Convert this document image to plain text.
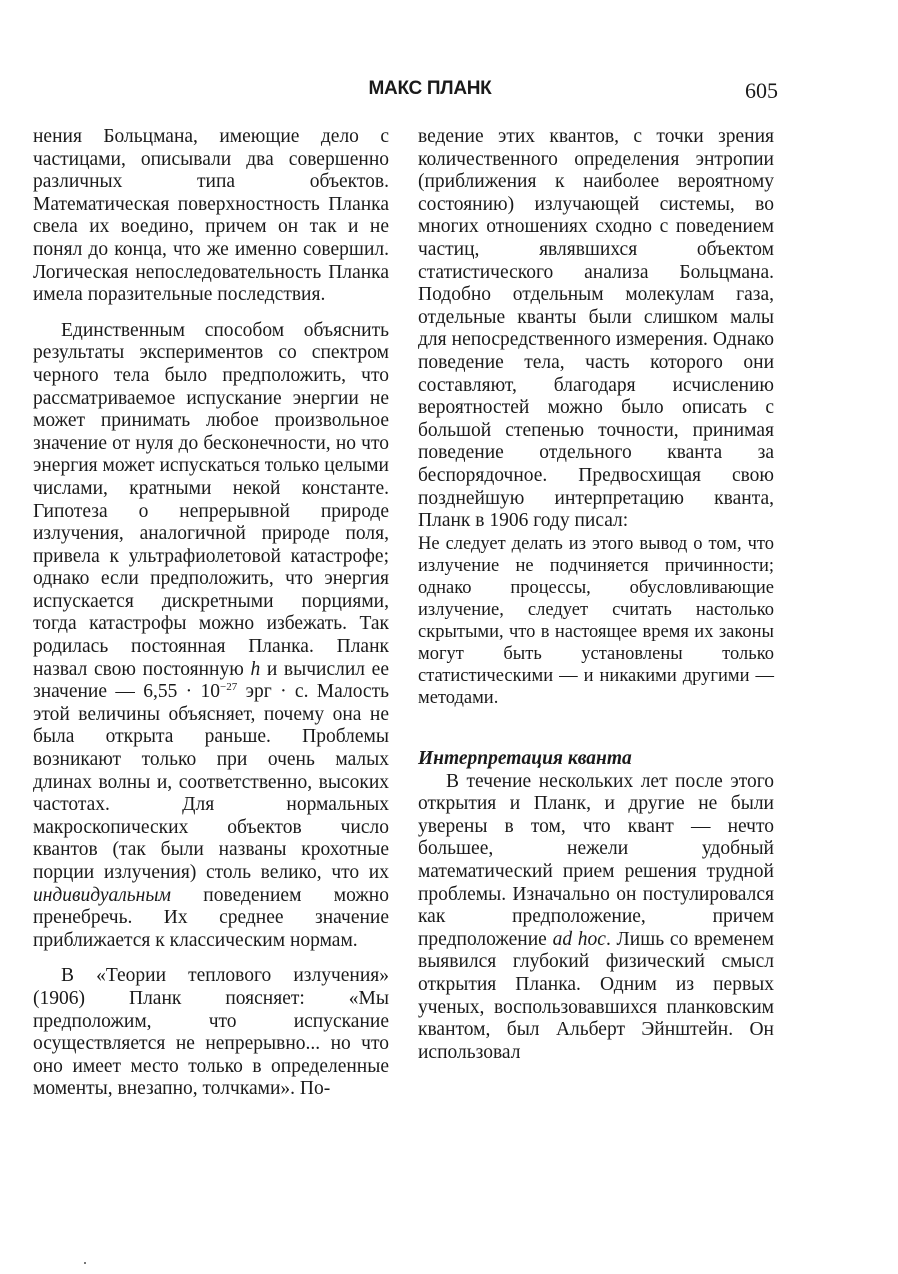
МАКС ПЛАНК	605

нения Больцмана, имеющие дело с частицами, описывали два совершенно различных типа объектов. Математическая поверхностность Планка свела их воедино, причем он так и не понял до конца, что же именно совершил. Логическая непоследовательность Планка имела поразительные последствия.

Единственным способом объяснить результаты экспериментов со спектром черного тела было предположить, что рассматриваемое испускание энергии не может принимать любое произвольное значение от нуля до бесконечности, но что энергия может испускаться только целыми числами, кратными некой константе. Гипотеза о непрерывной природе излучения, аналогичной природе поля, привела к ультрафиолетовой катастрофе; однако если предположить, что энергия испускается дискретными порциями, тогда катастрофы можно избежать. Так родилась постоянная Планка. Планк назвал свою постоянную h и вычислил ее значение — $6,55 \cdot 10^{-27}$ эрг · с. Малость этой величины объясняет, почему она не была открыта раньше. Проблемы возникают только при очень малых длинах волны и, соответственно, высоких частотах. Для нормальных макроскопических объектов число квантов (так были названы крохотные порции излучения) столь велико, что их индивидуальным поведением можно пренебречь. Их среднее значение приближается к классическим нормам.

В «Теории теплового излучения» (1906) Планк поясняет: «Мы предположим, что испускание осуществляется не непрерывно... но что оно имеет место только в определенные моменты, внезапно, толчками». По-

ведение этих квантов, с точки зрения количественного определения энтропии (приближения к наиболее вероятному состоянию) излучающей системы, во многих отношениях сходно с поведением частиц, являвшихся объектом статистического анализа Больцмана. Подобно отдельным молекулам газа, отдельные кванты были слишком малы для непосредственного измерения. Однако поведение тела, часть которого они составляют, благодаря исчислению вероятностей можно было описать с большой степенью точности, принимая поведение отдельного кванта за беспорядочное. Предвосхищая свою позднейшую интерпретацию кванта, Планк в 1906 году писал:

Не следует делать из этого вывод о том, что излучение не подчиняется причинности; однако процессы, обусловливающие излучение, следует считать настолько скрытыми, что в настоящее время их законы могут быть установлены только статистическими — и никакими другими — методами.

Интерпретация кванта

В течение нескольких лет после этого открытия и Планк, и другие не были уверены в том, что квант — нечто большее, нежели удобный математический прием решения трудной проблемы. Изначально он постулировался как предположение, причем предположение ad hoc. Лишь со временем выявился глубокий физический смысл открытия Планка. Одним из первых ученых, воспользовавшихся планковским квантом, был Альберт Эйнштейн. Он использовал
